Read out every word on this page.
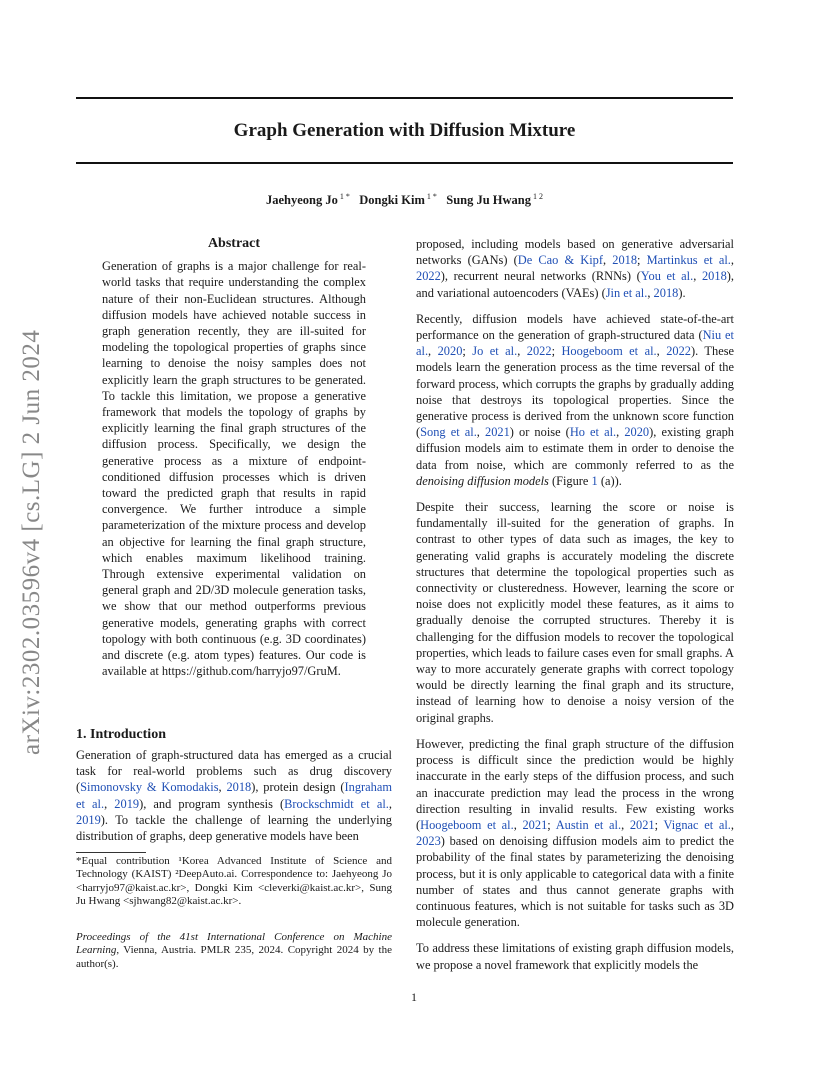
Graph Generation with Diffusion Mixture
Jaehyeong Jo $^{1 *}$ Dongki Kim $^{1 *}$ Sung Ju Hwang $^{1 2}$
arXiv:2302.03596v4 [cs.LG] 2 Jun 2024
Abstract
Generation of graphs is a major challenge for real-world tasks that require understanding the complex nature of their non-Euclidean structures. Although diffusion models have achieved notable success in graph generation recently, they are ill-suited for modeling the topological properties of graphs since learning to denoise the noisy samples does not explicitly learn the graph structures to be generated. To tackle this limitation, we propose a generative framework that models the topology of graphs by explicitly learning the final graph structures of the diffusion process. Specifically, we design the generative process as a mixture of endpoint-conditioned diffusion processes which is driven toward the predicted graph that results in rapid convergence. We further introduce a simple parameterization of the mixture process and develop an objective for learning the final graph structure, which enables maximum likelihood training. Through extensive experimental validation on general graph and 2D/3D molecule generation tasks, we show that our method outperforms previous generative models, generating graphs with correct topology with both continuous (e.g. 3D coordinates) and discrete (e.g. atom types) features. Our code is available at https://github.com/harryjo97/GruM.
1. Introduction
Generation of graph-structured data has emerged as a crucial task for real-world problems such as drug discovery (Simonovsky & Komodakis, 2018), protein design (Ingraham et al., 2019), and program synthesis (Brockschmidt et al., 2019). To tackle the challenge of learning the underlying distribution of graphs, deep generative models have been
*Equal contribution ¹Korea Advanced Institute of Science and Technology (KAIST) ²DeepAuto.ai. Correspondence to: Jaehyeong Jo <harryjo97@kaist.ac.kr>, Dongki Kim <cleverki@kaist.ac.kr>, Sung Ju Hwang <sjhwang82@kaist.ac.kr>.
Proceedings of the 41st International Conference on Machine Learning, Vienna, Austria. PMLR 235, 2024. Copyright 2024 by the author(s).

proposed, including models based on generative adversarial networks (GANs) (De Cao & Kipf, 2018; Martinkus et al., 2022), recurrent neural networks (RNNs) (You et al., 2018), and variational autoencoders (VAEs) (Jin et al., 2018).

Recently, diffusion models have achieved state-of-the-art performance on the generation of graph-structured data (Niu et al., 2020; Jo et al., 2022; Hoogeboom et al., 2022). These models learn the generation process as the time reversal of the forward process, which corrupts the graphs by gradually adding noise that destroys its topological properties. Since the generative process is derived from the unknown score function (Song et al., 2021) or noise (Ho et al., 2020), existing graph diffusion models aim to estimate them in order to denoise the data from noise, which are commonly referred to as the denoising diffusion models (Figure 1 (a)).

Despite their success, learning the score or noise is fundamentally ill-suited for the generation of graphs. In contrast to other types of data such as images, the key to generating valid graphs is accurately modeling the discrete structures that determine the topological properties such as connectivity or clusteredness. However, learning the score or noise does not explicitly model these features, as it aims to gradually denoise the corrupted structures. Thereby it is challenging for the diffusion models to recover the topological properties, which leads to failure cases even for small graphs. A way to more accurately generate graphs with correct topology would be directly learning the final graph and its structure, instead of learning how to denoise a noisy version of the original graphs.

However, predicting the final graph structure of the diffusion process is difficult since the prediction would be highly inaccurate in the early steps of the diffusion process, and such an inaccurate prediction may lead the process in the wrong direction resulting in invalid results. Few existing works (Hoogeboom et al., 2021; Austin et al., 2021; Vignac et al., 2023) based on denoising diffusion models aim to predict the probability of the final states by parameterizing the denoising process, but it is only applicable to categorical data with a finite number of states and thus cannot generate graphs with continuous features, which is not suitable for tasks such as 3D molecule generation.

To address these limitations of existing graph diffusion models, we propose a novel framework that explicitly models the

1
